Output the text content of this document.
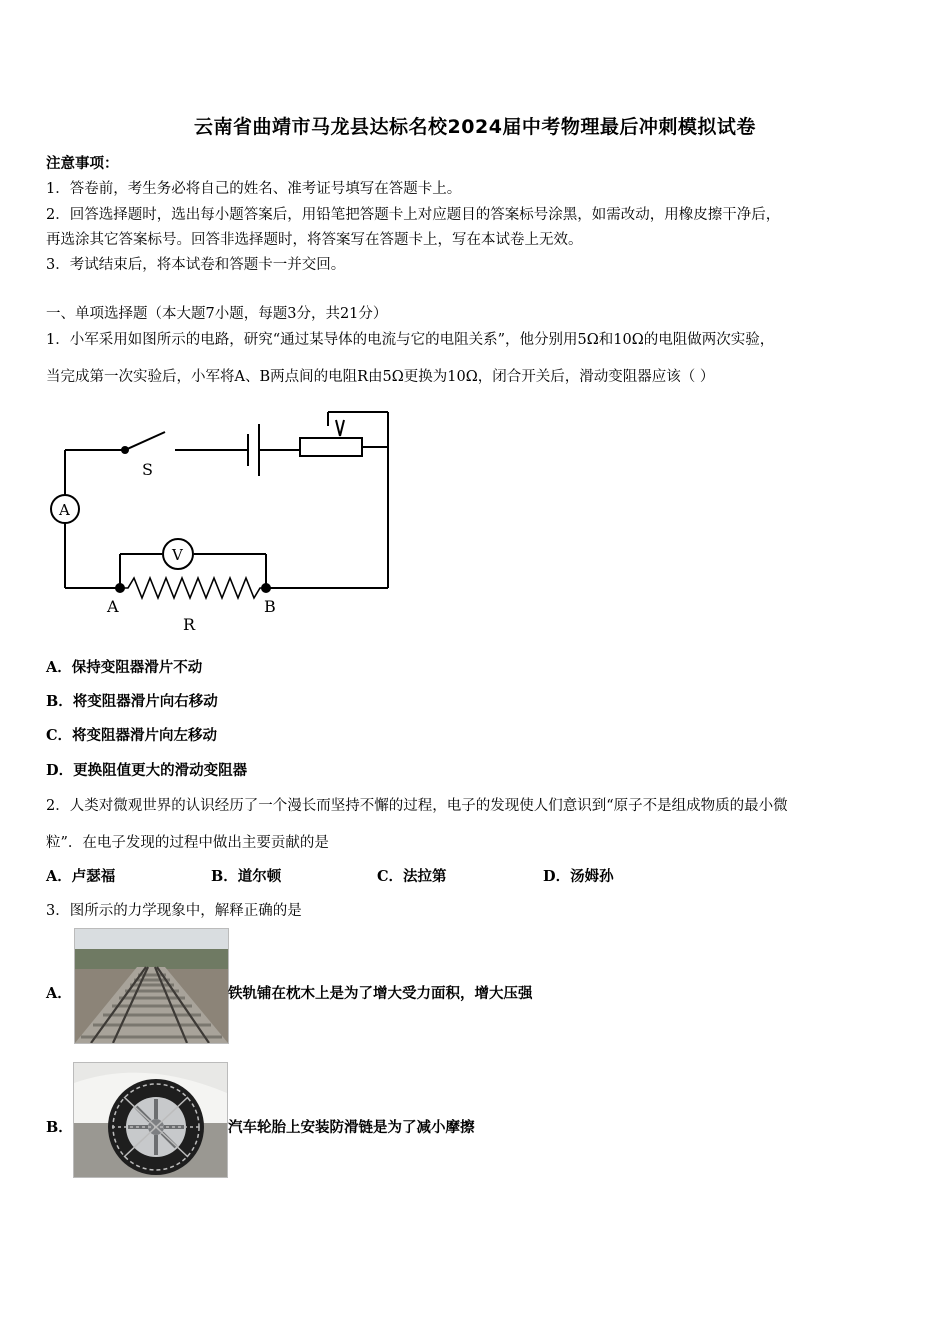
云南省曲靖市马龙县达标名校2024届中考物理最后冲刺模拟试卷
注意事项：
1．答卷前，考生务必将自己的姓名、准考证号填写在答题卡上。
2．回答选择题时，选出每小题答案后，用铅笔把答题卡上对应题目的答案标号涂黑，如需改动，用橡皮擦干净后，
再选涂其它答案标号。回答非选择题时，将答案写在答题卡上，写在本试卷上无效。
3．考试结束后，将本试卷和答题卡一并交回。
一、单项选择题（本大题7小题，每题3分，共21分）
1．小军采用如图所示的电路，研究“通过某导体的电流与它的电阻关系”，他分别用5Ω和10Ω的电阻做两次实验，
当完成第一次实验后，小军将A、B两点间的电阻R由5Ω更换为10Ω，闭合开关后，滑动变阻器应该（ ）
S
A
V
A	B
R
A．保持变阻器滑片不动
B．将变阻器滑片向右移动
C．将变阻器滑片向左移动
D．更换阻值更大的滑动变阻器
2．人类对微观世界的认识经历了一个漫长而坚持不懈的过程，电子的发现使人们意识到“原子不是组成物质的最小微
粒”．在电子发现的过程中做出主要贡献的是
A．卢瑟福	B．道尔顿	C．法拉第	D．汤姆孙
3．图所示的力学现象中，解释正确的是
A．	铁轨铺在枕木上是为了增大受力面积，增大压强
B．	汽车轮胎上安装防滑链是为了减小摩擦
